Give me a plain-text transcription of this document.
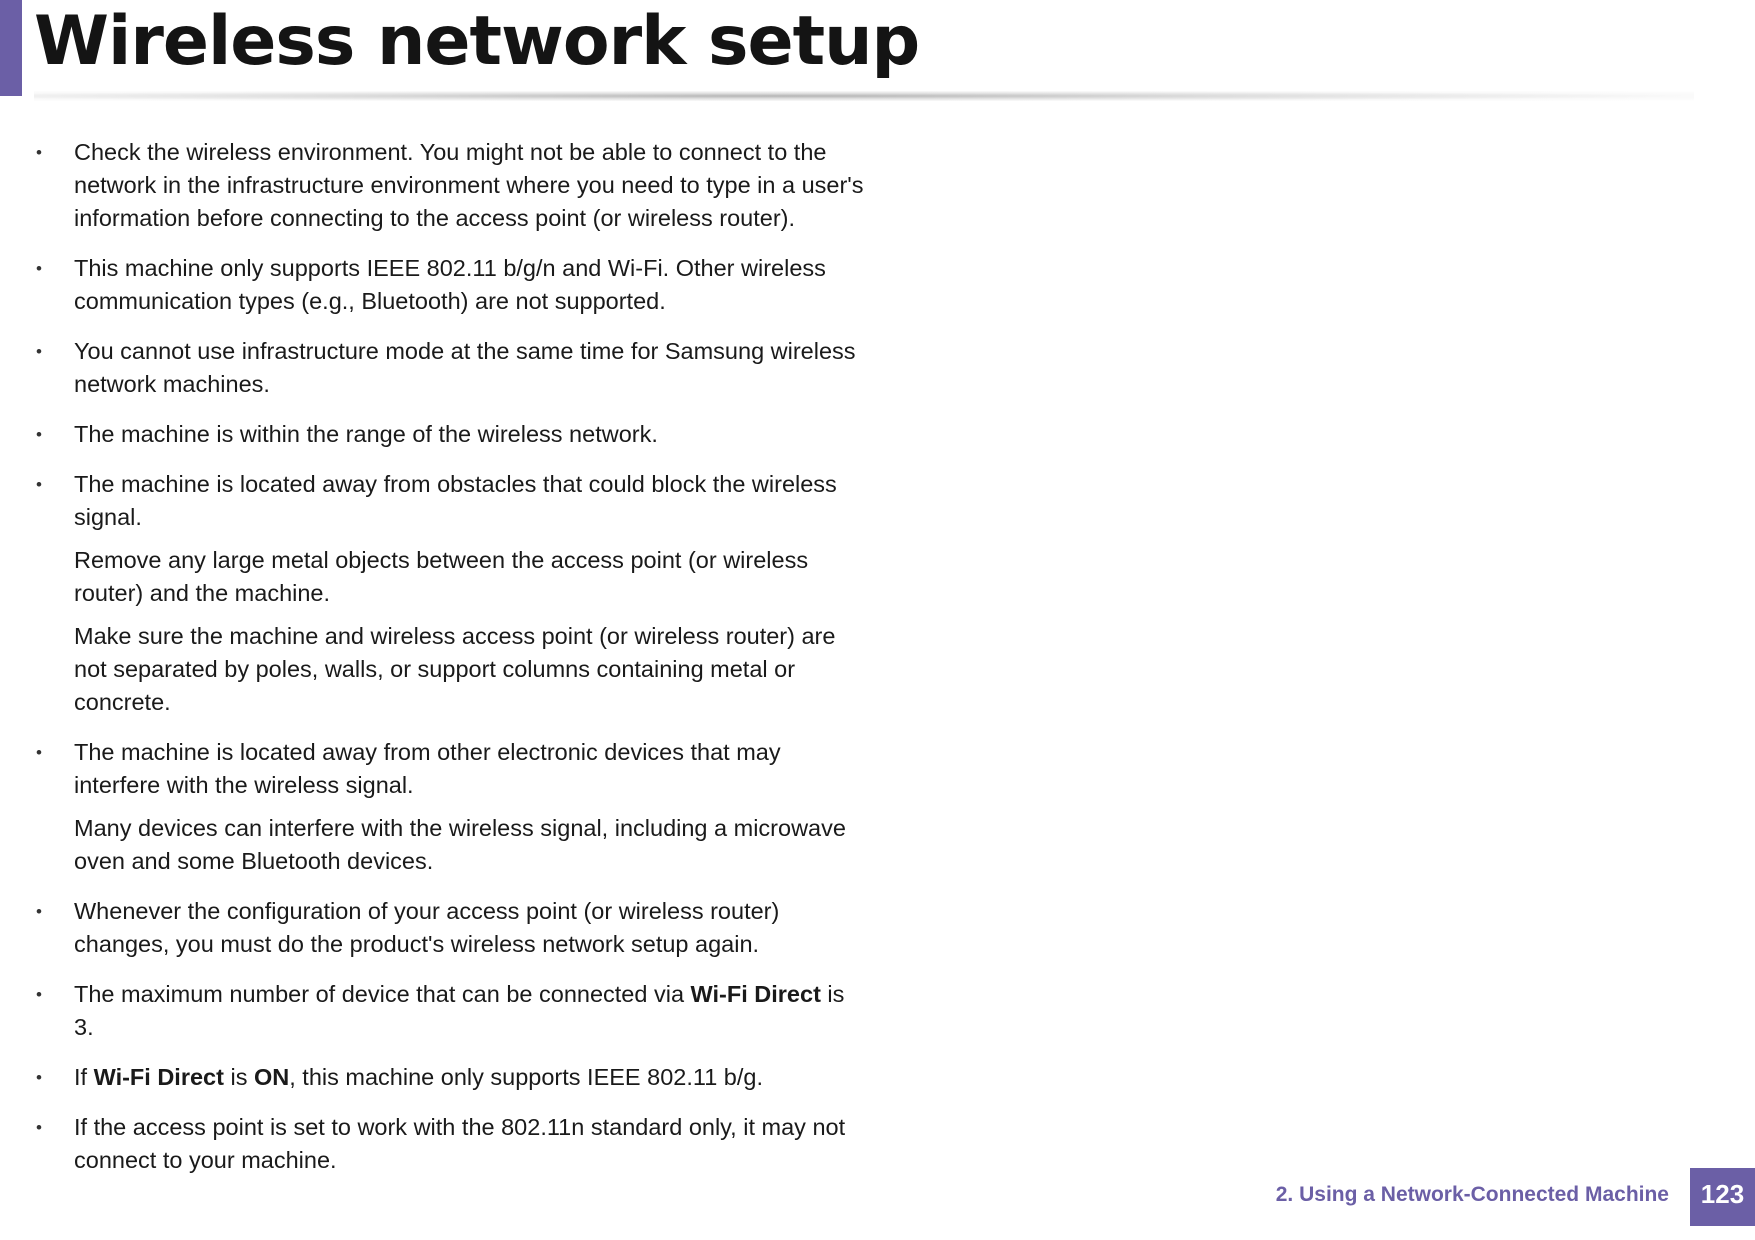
Wireless network setup
•	Check the wireless environment. You might not be able to connect to the network in the infrastructure environment where you need to type in a user's information before connecting to the access point (or wireless router).

•	This machine only supports IEEE 802.11 b/g/n and Wi-Fi. Other wireless communication types (e.g., Bluetooth) are not supported.

•	You cannot use infrastructure mode at the same time for Samsung wireless network machines.

•	The machine is within the range of the wireless network.

•	The machine is located away from obstacles that could block the wireless signal.

Remove any large metal objects between the access point (or wireless router) and the machine.

Make sure the machine and wireless access point (or wireless router) are not separated by poles, walls, or support columns containing metal or concrete.

•	The machine is located away from other electronic devices that may interfere with the wireless signal.

Many devices can interfere with the wireless signal, including a microwave oven and some Bluetooth devices.

•	Whenever the configuration of your access point (or wireless router) changes, you must do the product's wireless network setup again.

•	The maximum number of device that can be connected via Wi-Fi Direct is 3.

•	If Wi-Fi Direct is ON, this machine only supports IEEE 802.11 b/g.

•	If the access point is set to work with the 802.11n standard only, it may not connect to your machine.

2. Using a Network-Connected Machine	123
